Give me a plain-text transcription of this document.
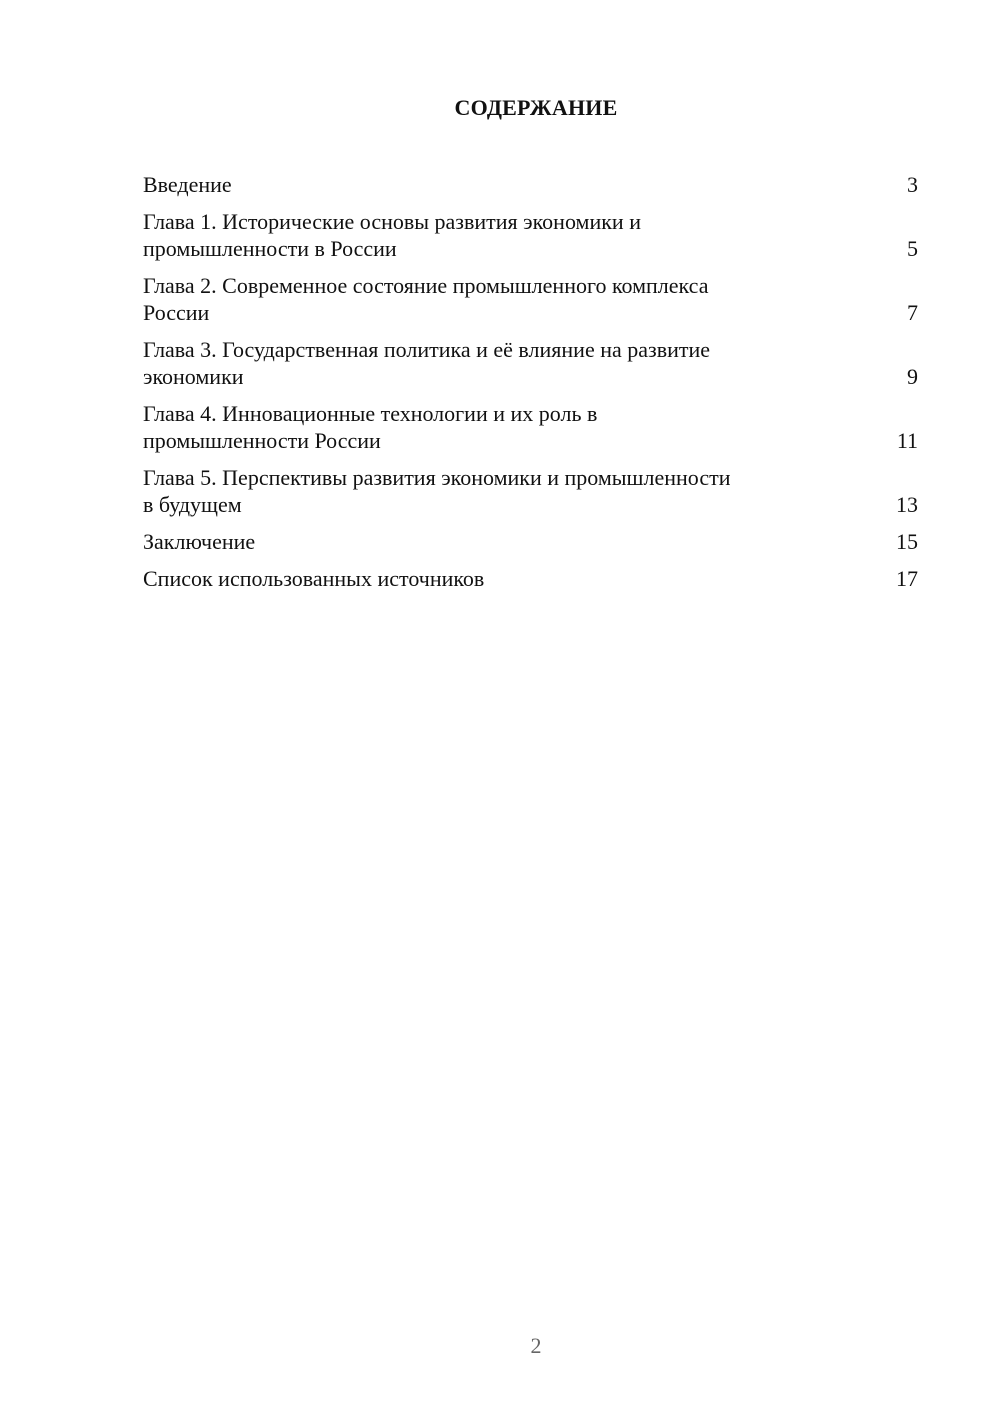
СОДЕРЖАНИЕ
Введение	3
Глава 1. Исторические основы развития экономики и
промышленности в России	5
Глава 2. Современное состояние промышленного комплекса
России	7
Глава 3. Государственная политика и её влияние на развитие
экономики	9
Глава 4. Инновационные технологии и их роль в
промышленности России	11
Глава 5. Перспективы развития экономики и промышленности
в будущем	13
Заключение	15
Список использованных источников	17
2
